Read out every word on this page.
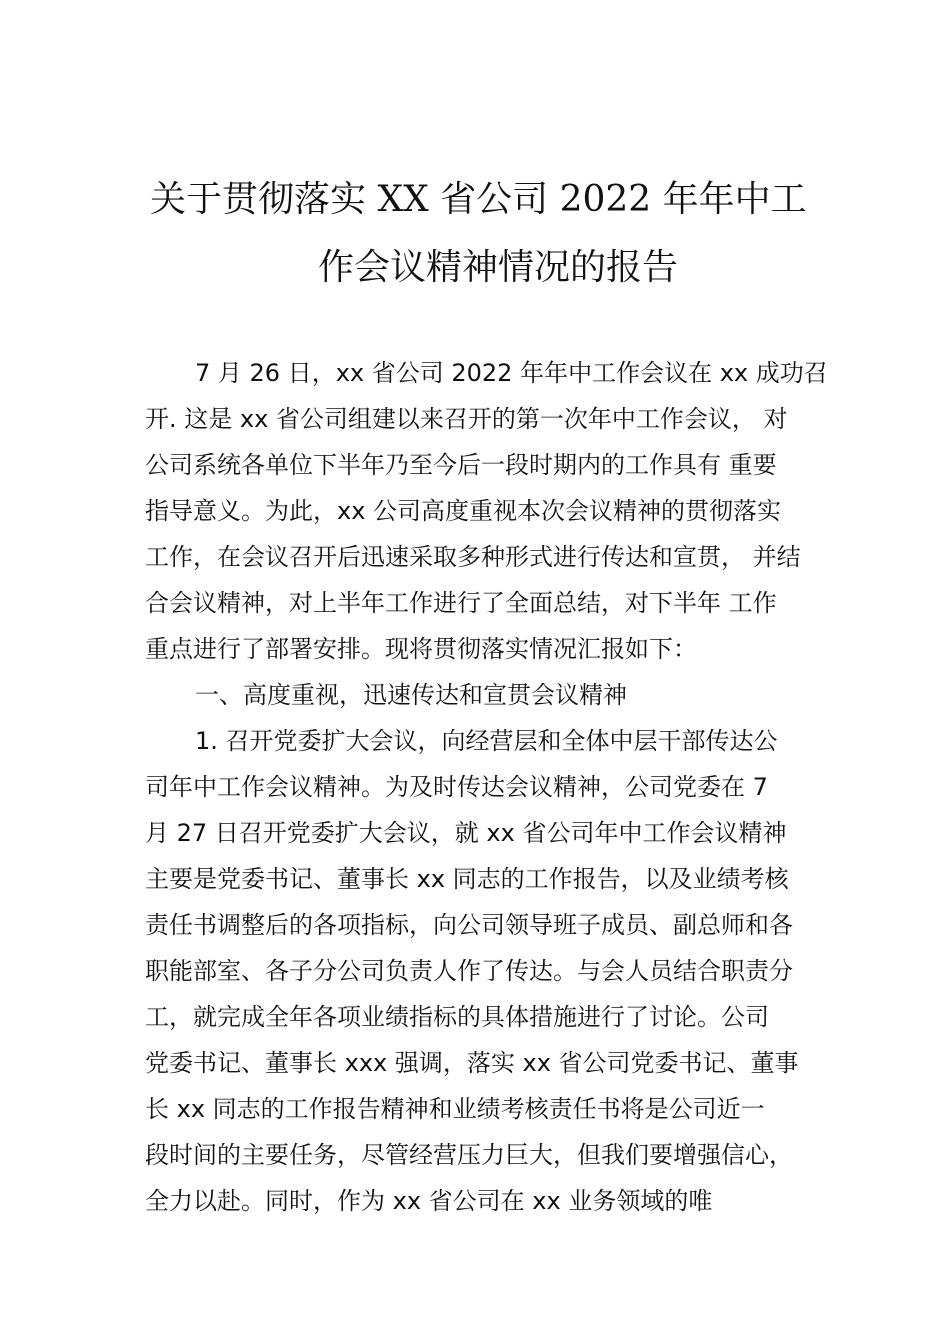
关于贯彻落实 XX 省公司 2022 年年中工
作会议精神情况的报告
7 月 26 日，xx 省公司 2022 年年中工作会议在 xx 成功召
开. 这是 xx 省公司组建以来召开的第一次年中工作会议， 对
公司系统各单位下半年乃至今后一段时期内的工作具有 重要
指导意义。为此，xx 公司高度重视本次会议精神的贯彻落实
工作，在会议召开后迅速采取多种形式进行传达和宣贯， 并结
合会议精神，对上半年工作进行了全面总结，对下半年 工作
重点进行了部署安排。现将贯彻落实情况汇报如下：
一、高度重视，迅速传达和宣贯会议精神
1. 召开党委扩大会议，向经营层和全体中层干部传达公
司年中工作会议精神。为及时传达会议精神，公司党委在 7
月 27 日召开党委扩大会议，就 xx 省公司年中工作会议精神
主要是党委书记、董事长 xx 同志的工作报告，以及业绩考核
责任书调整后的各项指标，向公司领导班子成员、副总师和各
职能部室、各子分公司负责人作了传达。与会人员结合职责分
工，就完成全年各项业绩指标的具体措施进行了讨论。公司
党委书记、董事长 xxx 强调，落实 xx 省公司党委书记、董事
长 xx 同志的工作报告精神和业绩考核责任书将是公司近一
段时间的主要任务，尽管经营压力巨大，但我们要增强信心，
全力以赴。同时，作为 xx 省公司在 xx 业务领域的唯
